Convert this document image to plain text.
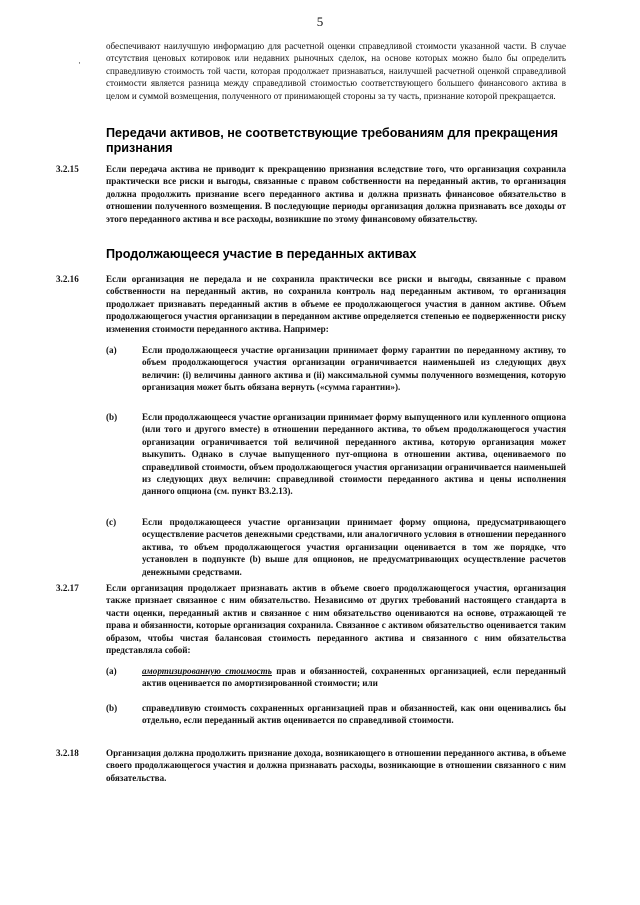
5
·
обеспечивают наилучшую информацию для расчетной оценки справедливой стоимости указанной части. В случае отсутствия ценовых котировок или недавних рыночных сделок, на основе которых можно было бы определить справедливую стоимость той части, которая продолжает признаваться, наилучшей расчетной оценкой справедливой стоимости является разница между справедливой стоимостью соответствующего большего финансового актива в целом и суммой возмещения, полученного от принимающей стороны за ту часть, признание которой прекращается.
Передачи активов, не соответствующие требованиям для прекращения признания
3.2.15	Если передача актива не приводит к прекращению признания вследствие того, что организация сохранила практически все риски и выгоды, связанные с правом собственности на переданный актив, то организация должна продолжить признание всего переданного актива и должна признать финансовое обязательство в отношении полученного возмещения. В последующие периоды организация должна признавать все доходы от этого переданного актива и все расходы, возникшие по этому финансовому обязательству.
Продолжающееся участие в переданных активах
3.2.16	Если организация не передала и не сохранила практически все риски и выгоды, связанные с правом собственности на переданный актив, но сохранила контроль над переданным активом, то организация продолжает признавать переданный актив в объеме ее продолжающегося участия в данном активе. Объем продолжающегося участия организации в переданном активе определяется степенью ее подверженности риску изменения стоимости переданного актива. Например:
(a)	Если продолжающееся участие организации принимает форму гарантии по переданному активу, то объем продолжающегося участия организации ограничивается наименьшей из следующих двух величин: (i) величины данного актива и (ii) максимальной суммы полученного возмещения, которую организация может быть обязана вернуть («сумма гарантии»).
(b)	Если продолжающееся участие организации принимает форму выпущенного или купленного опциона (или того и другого вместе) в отношении переданного актива, то объем продолжающегося участия организации ограничивается той величиной переданного актива, которую организация может выкупить. Однако в случае выпущенного пут-опциона в отношении актива, оцениваемого по справедливой стоимости, объем продолжающегося участия организации ограничивается наименьшей из следующих двух величин: справедливой стоимости переданного актива и цены исполнения данного опциона (см. пункт В3.2.13).
(c)	Если продолжающееся участие организации принимает форму опциона, предусматривающего осуществление расчетов денежными средствами, или аналогичного условия в отношении переданного актива, то объем продолжающегося участия организации оценивается в том же порядке, что установлен в подпункте (b) выше для опционов, не предусматривающих осуществление расчетов денежными средствами.
3.2.17	Если организация продолжает признавать актив в объеме своего продолжающегося участия, организация также признает связанное с ним обязательство. Независимо от других требований настоящего стандарта в части оценки, переданный актив и связанное с ним обязательство оцениваются на основе, отражающей те права и обязанности, которые организация сохранила. Связанное с активом обязательство оценивается таким образом, чтобы чистая балансовая стоимость переданного актива и связанного с ним обязательства представляла собой:
(a)	амортизированную стоимость прав и обязанностей, сохраненных организацией, если переданный актив оценивается по амортизированной стоимости; или
(b)	справедливую стоимость сохраненных организацией прав и обязанностей, как они оценивались бы отдельно, если переданный актив оценивается по справедливой стоимости.
3.2.18	Организация должна продолжить признание дохода, возникающего в отношении переданного актива, в объеме своего продолжающегося участия и должна признавать расходы, возникающие в отношении связанного с ним обязательства.
